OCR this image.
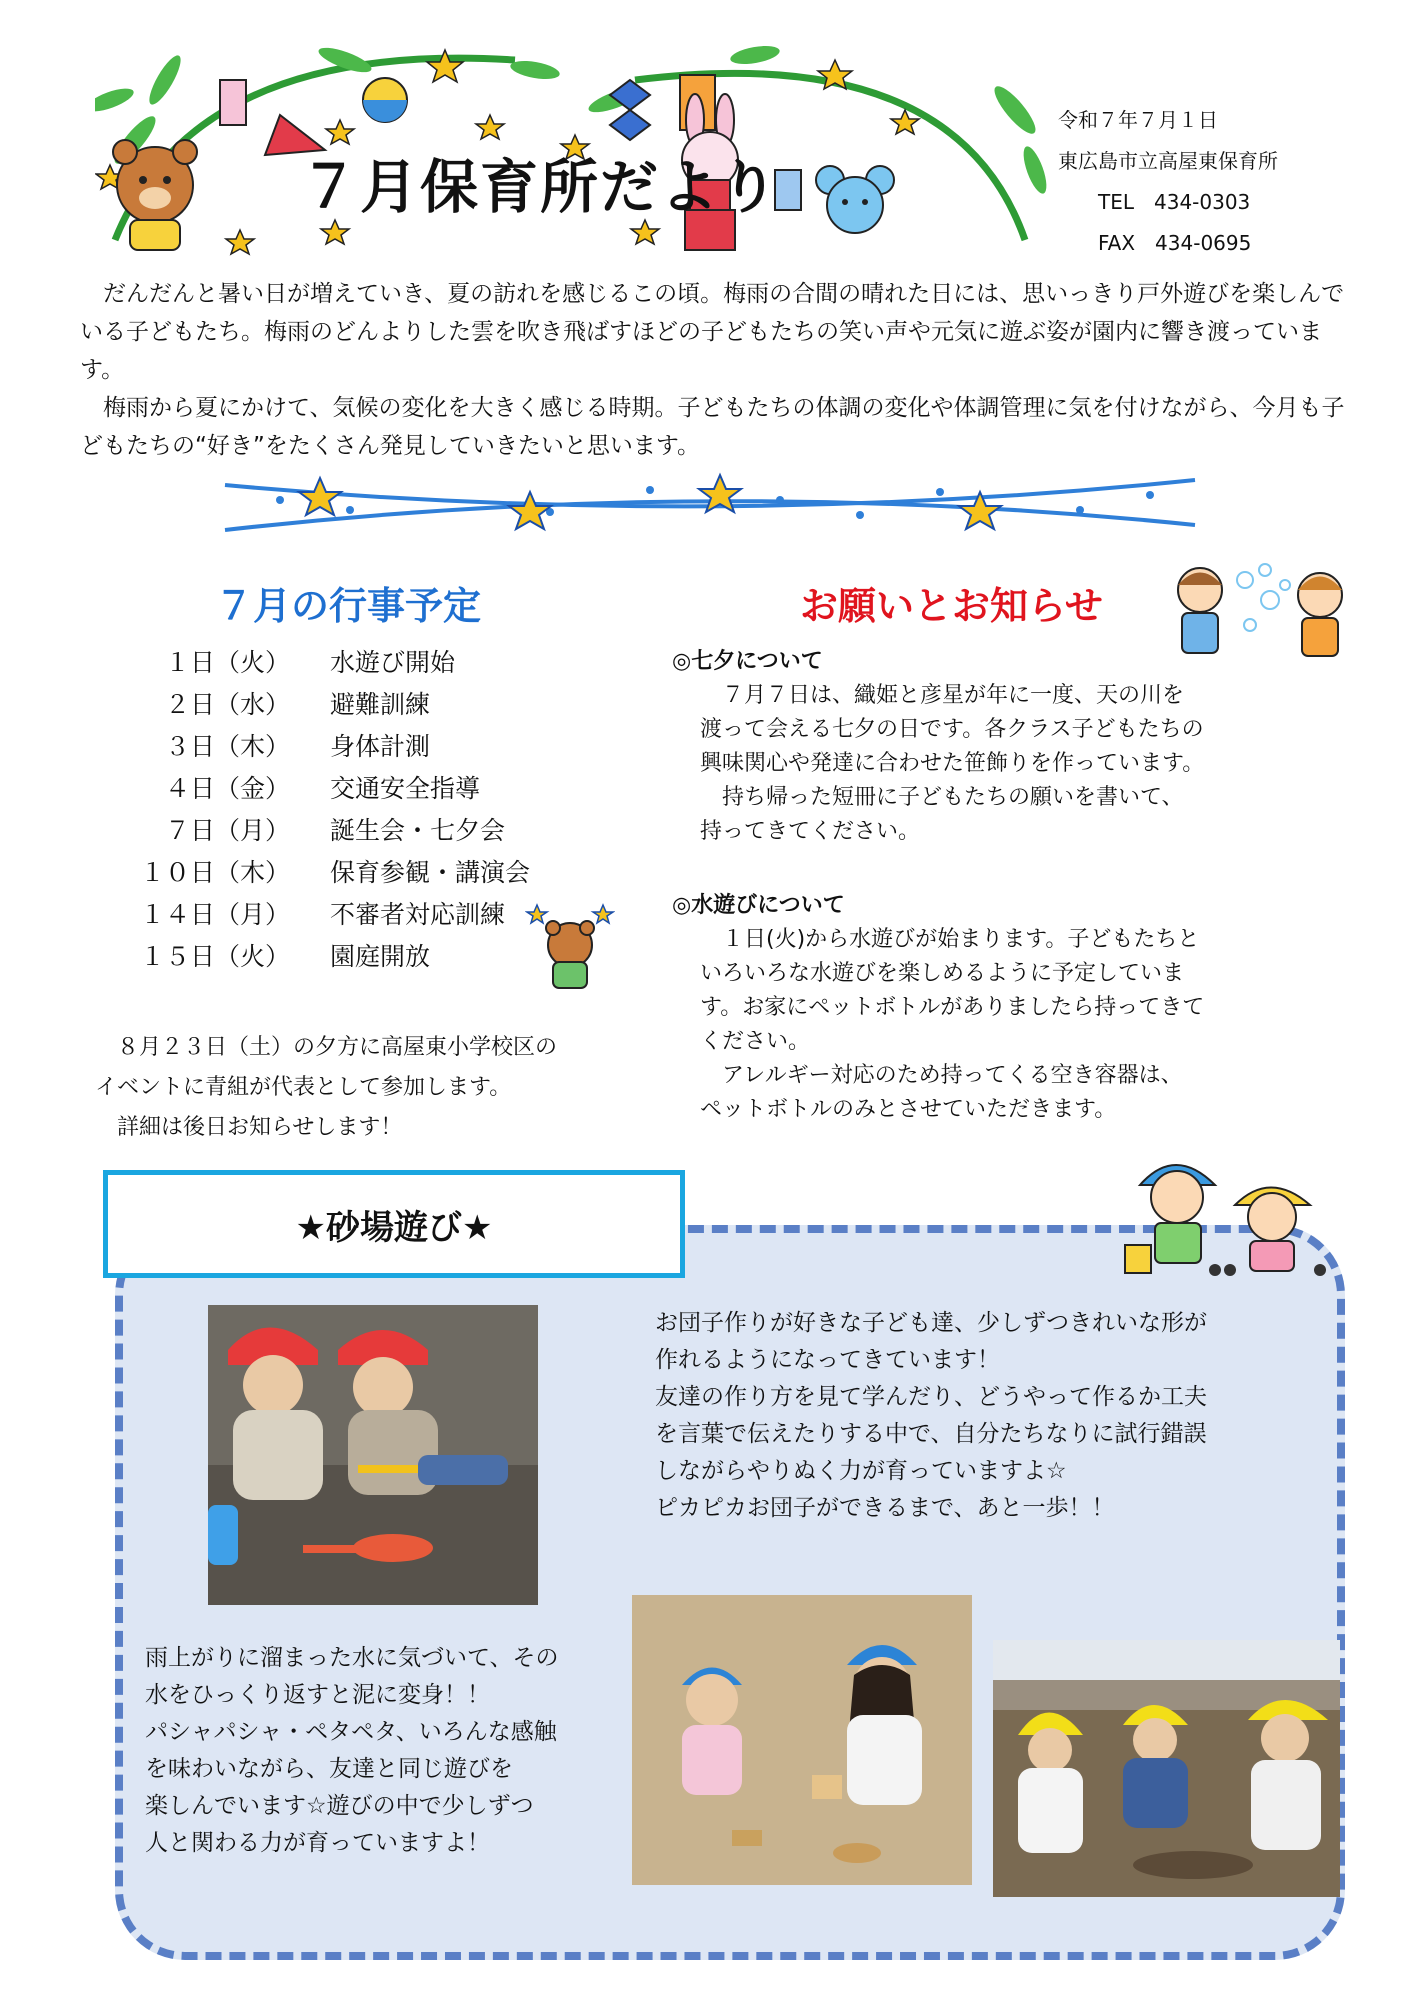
７月保育所だより
令和７年７月１日
東広島市立高屋東保育所
TEL　434-0303
FAX　434-0695

だんだんと暑い日が増えていき、夏の訪れを感じるこの頃。梅雨の合間の晴れた日には、思いっきり戸外遊びを楽しんでいる子どもたち。梅雨のどんよりした雲を吹き飛ばすほどの子どもたちの笑い声や元気に遊ぶ姿が園内に響き渡っています。

梅雨から夏にかけて、気候の変化を大きく感じる時期。子どもたちの体調の変化や体調管理に気を付けながら、今月も子どもたちの“好き”をたくさん発見していきたいと思います。

７月の行事予定
１日（火）	水遊び開始
２日（水）	避難訓練
３日（木）	身体計測
４日（金）	交通安全指導
７日（月）	誕生会・七夕会
１０日（木）	保育参観・講演会
１４日（月）	不審者対応訓練
１５日（火）	園庭開放

　８月２３日（土）の夕方に高屋東小学校区の

イベントに青組が代表として参加します。

　詳細は後日お知らせします！

お願いとお知らせ
◎七夕について

　７月７日は、織姫と彦星が年に一度、天の川を

渡って会える七夕の日です。各クラス子どもたちの

興味関心や発達に合わせた笹飾りを作っています。

　持ち帰った短冊に子どもたちの願いを書いて、

持ってきてください。

◎水遊びについて

　１日(火)から水遊びが始まります。子どもたちと

いろいろな水遊びを楽しめるように予定していま

す。お家にペットボトルがありましたら持ってきて

ください。

　アレルギー対応のため持ってくる空き容器は、

ペットボトルのみとさせていただきます。

★砂場遊び★

お団子作りが好きな子ども達、少しずつきれいな形が

作れるようになってきています！

友達の作り方を見て学んだり、どうやって作るか工夫

を言葉で伝えたりする中で、自分たちなりに試行錯誤

しながらやりぬく力が育っていますよ☆

ピカピカお団子ができるまで、あと一歩！！

雨上がりに溜まった水に気づいて、その

水をひっくり返すと泥に変身！！

パシャパシャ・ペタペタ、いろんな感触

を味わいながら、友達と同じ遊びを

楽しんでいます☆遊びの中で少しずつ

人と関わる力が育っていますよ！
